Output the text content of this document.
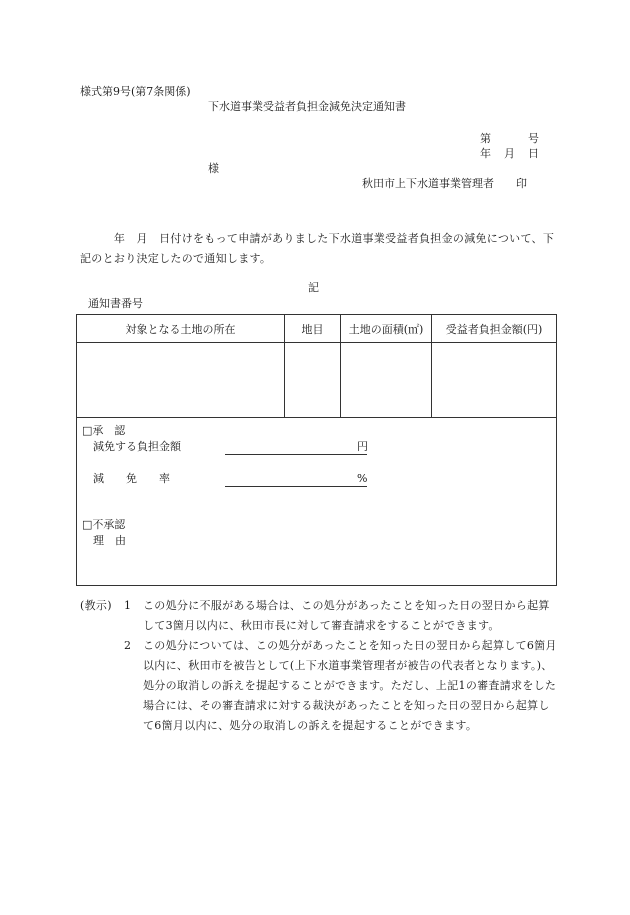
様式第9号(第7条関係)
下水道事業受益者負担金減免決定通知書
第　　　号
年　月　日
様
秋田市上下水道事業管理者　　印
　　　年　月　日付けをもって申請がありました下水道事業受益者負担金の減免について、下記のとおり決定したので通知します。
記
通知書番号
対象となる土地の所在	地目	土地の面積(㎡)	受益者負担金額(円)
□承　認
減免する負担金額	円
減　　免　　率	%
□不承認
理　由
(教示) 1 この処分に不服がある場合は、この処分があったことを知った日の翌日から起算して3箇月以内に、秋田市長に対して審査請求をすることができます。
2 この処分については、この処分があったことを知った日の翌日から起算して6箇月以内に、秋田市を被告として(上下水道事業管理者が被告の代表者となります。)、処分の取消しの訴えを提起することができます。ただし、上記1の審査請求をした場合には、その審査請求に対する裁決があったことを知った日の翌日から起算して6箇月以内に、処分の取消しの訴えを提起することができます。
